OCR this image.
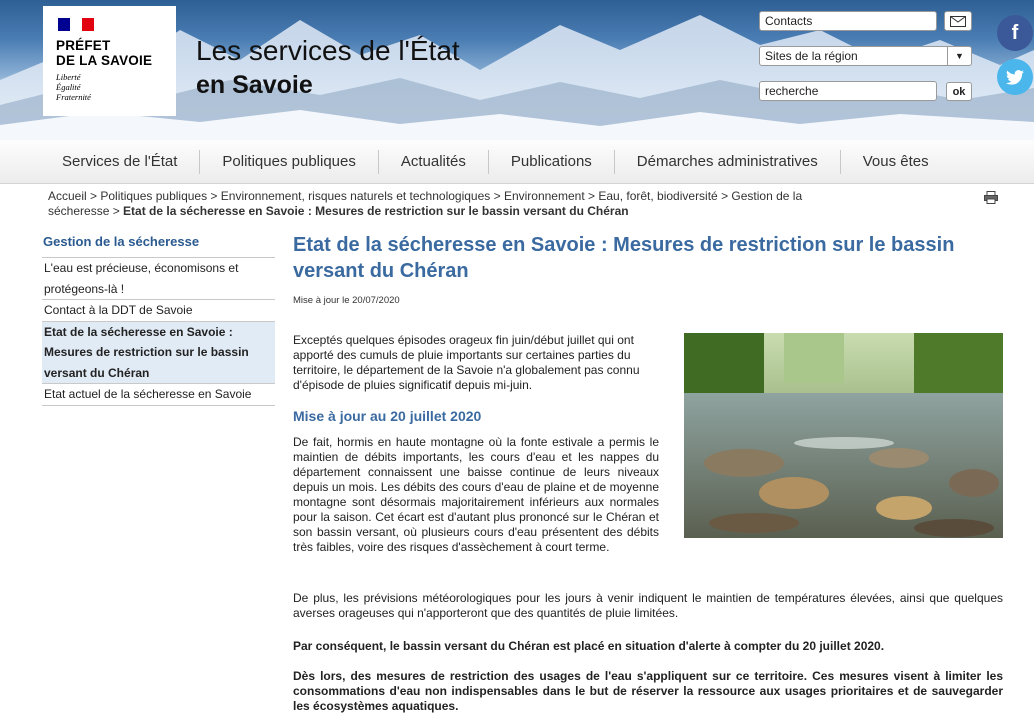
PRÉFET
DE LA SAVOIE
Liberté
Égalité
Fraternité
Les services de l'État
en Savoie
Contacts
Sites de la région	▼
recherche	ok
f
Services de l'État	Politiques publiques	Actualités	Publications	Démarches administratives	Vous êtes
Accueil > Politiques publiques > Environnement, risques naturels et technologiques > Environnement > Eau, forêt, biodiversité > Gestion de la sécheresse > Etat de la sécheresse en Savoie : Mesures de restriction sur le bassin versant du Chéran
Gestion de la sécheresse
L'eau est précieuse, économisons et protégeons-là !
Contact à la DDT de Savoie
Etat de la sécheresse en Savoie : Mesures de restriction sur le bassin versant du Chéran
Etat actuel de la sécheresse en Savoie
Etat de la sécheresse en Savoie : Mesures de restriction sur le bassin versant du Chéran
Mise à jour le 20/07/2020
Exceptés quelques épisodes orageux fin juin/début juillet qui ont apporté des cumuls de pluie importants sur certaines parties du territoire, le département de la Savoie n'a globalement pas connu d'épisode de pluies significatif depuis mi-juin.
Mise à jour au 20 juillet 2020
De fait, hormis en haute montagne où la fonte estivale a permis le maintien de débits importants, les cours d'eau et les nappes du département connaissent une baisse continue de leurs niveaux depuis un mois. Les débits des cours d'eau de plaine et de moyenne montagne sont désormais majoritairement inférieurs aux normales pour la saison. Cet écart est d'autant plus prononcé sur le Chéran et son bassin versant, où plusieurs cours d'eau présentent des débits très faibles, voire des risques d'assèchement à court terme.
De plus, les prévisions météorologiques pour les jours à venir indiquent le maintien de températures élevées, ainsi que quelques averses orageuses qui n'apporteront que des quantités de pluie limitées.
Par conséquent, le bassin versant du Chéran est placé en situation d'alerte à compter du 20 juillet 2020.
Dès lors, des mesures de restriction des usages de l'eau s'appliquent sur ce territoire. Ces mesures visent à limiter les consommations d'eau non indispensables dans le but de réserver la ressource aux usages prioritaires et de sauvegarder les écosystèmes aquatiques.
